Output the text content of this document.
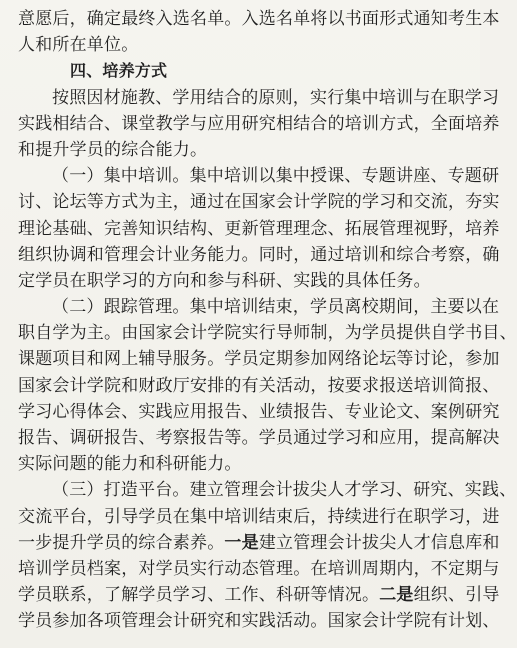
意愿后，确定最终入选名单。入选名单将以书面形式通知考生本
人和所在单位。
四、培养方式
按照因材施教、学用结合的原则，实行集中培训与在职学习
实践相结合、课堂教学与应用研究相结合的培训方式，全面培养
和提升学员的综合能力。
（一）集中培训。集中培训以集中授课、专题讲座、专题研
讨、论坛等方式为主，通过在国家会计学院的学习和交流，夯实
理论基础、完善知识结构、更新管理理念、拓展管理视野，培养
组织协调和管理会计业务能力。同时，通过培训和综合考察，确
定学员在职学习的方向和参与科研、实践的具体任务。
（二）跟踪管理。集中培训结束，学员离校期间，主要以在
职自学为主。由国家会计学院实行导师制，为学员提供自学书目、
课题项目和网上辅导服务。学员定期参加网络论坛等讨论，参加
国家会计学院和财政厅安排的有关活动，按要求报送培训简报、
学习心得体会、实践应用报告、业绩报告、专业论文、案例研究
报告、调研报告、考察报告等。学员通过学习和应用，提高解决
实际问题的能力和科研能力。
（三）打造平台。建立管理会计拔尖人才学习、研究、实践、
交流平台，引导学员在集中培训结束后，持续进行在职学习，进
一步提升学员的综合素养。一是建立管理会计拔尖人才信息库和
培训学员档案，对学员实行动态管理。在培训周期内，不定期与
学员联系，了解学员学习、工作、科研等情况。二是组织、引导
学员参加各项管理会计研究和实践活动。国家会计学院有计划、
